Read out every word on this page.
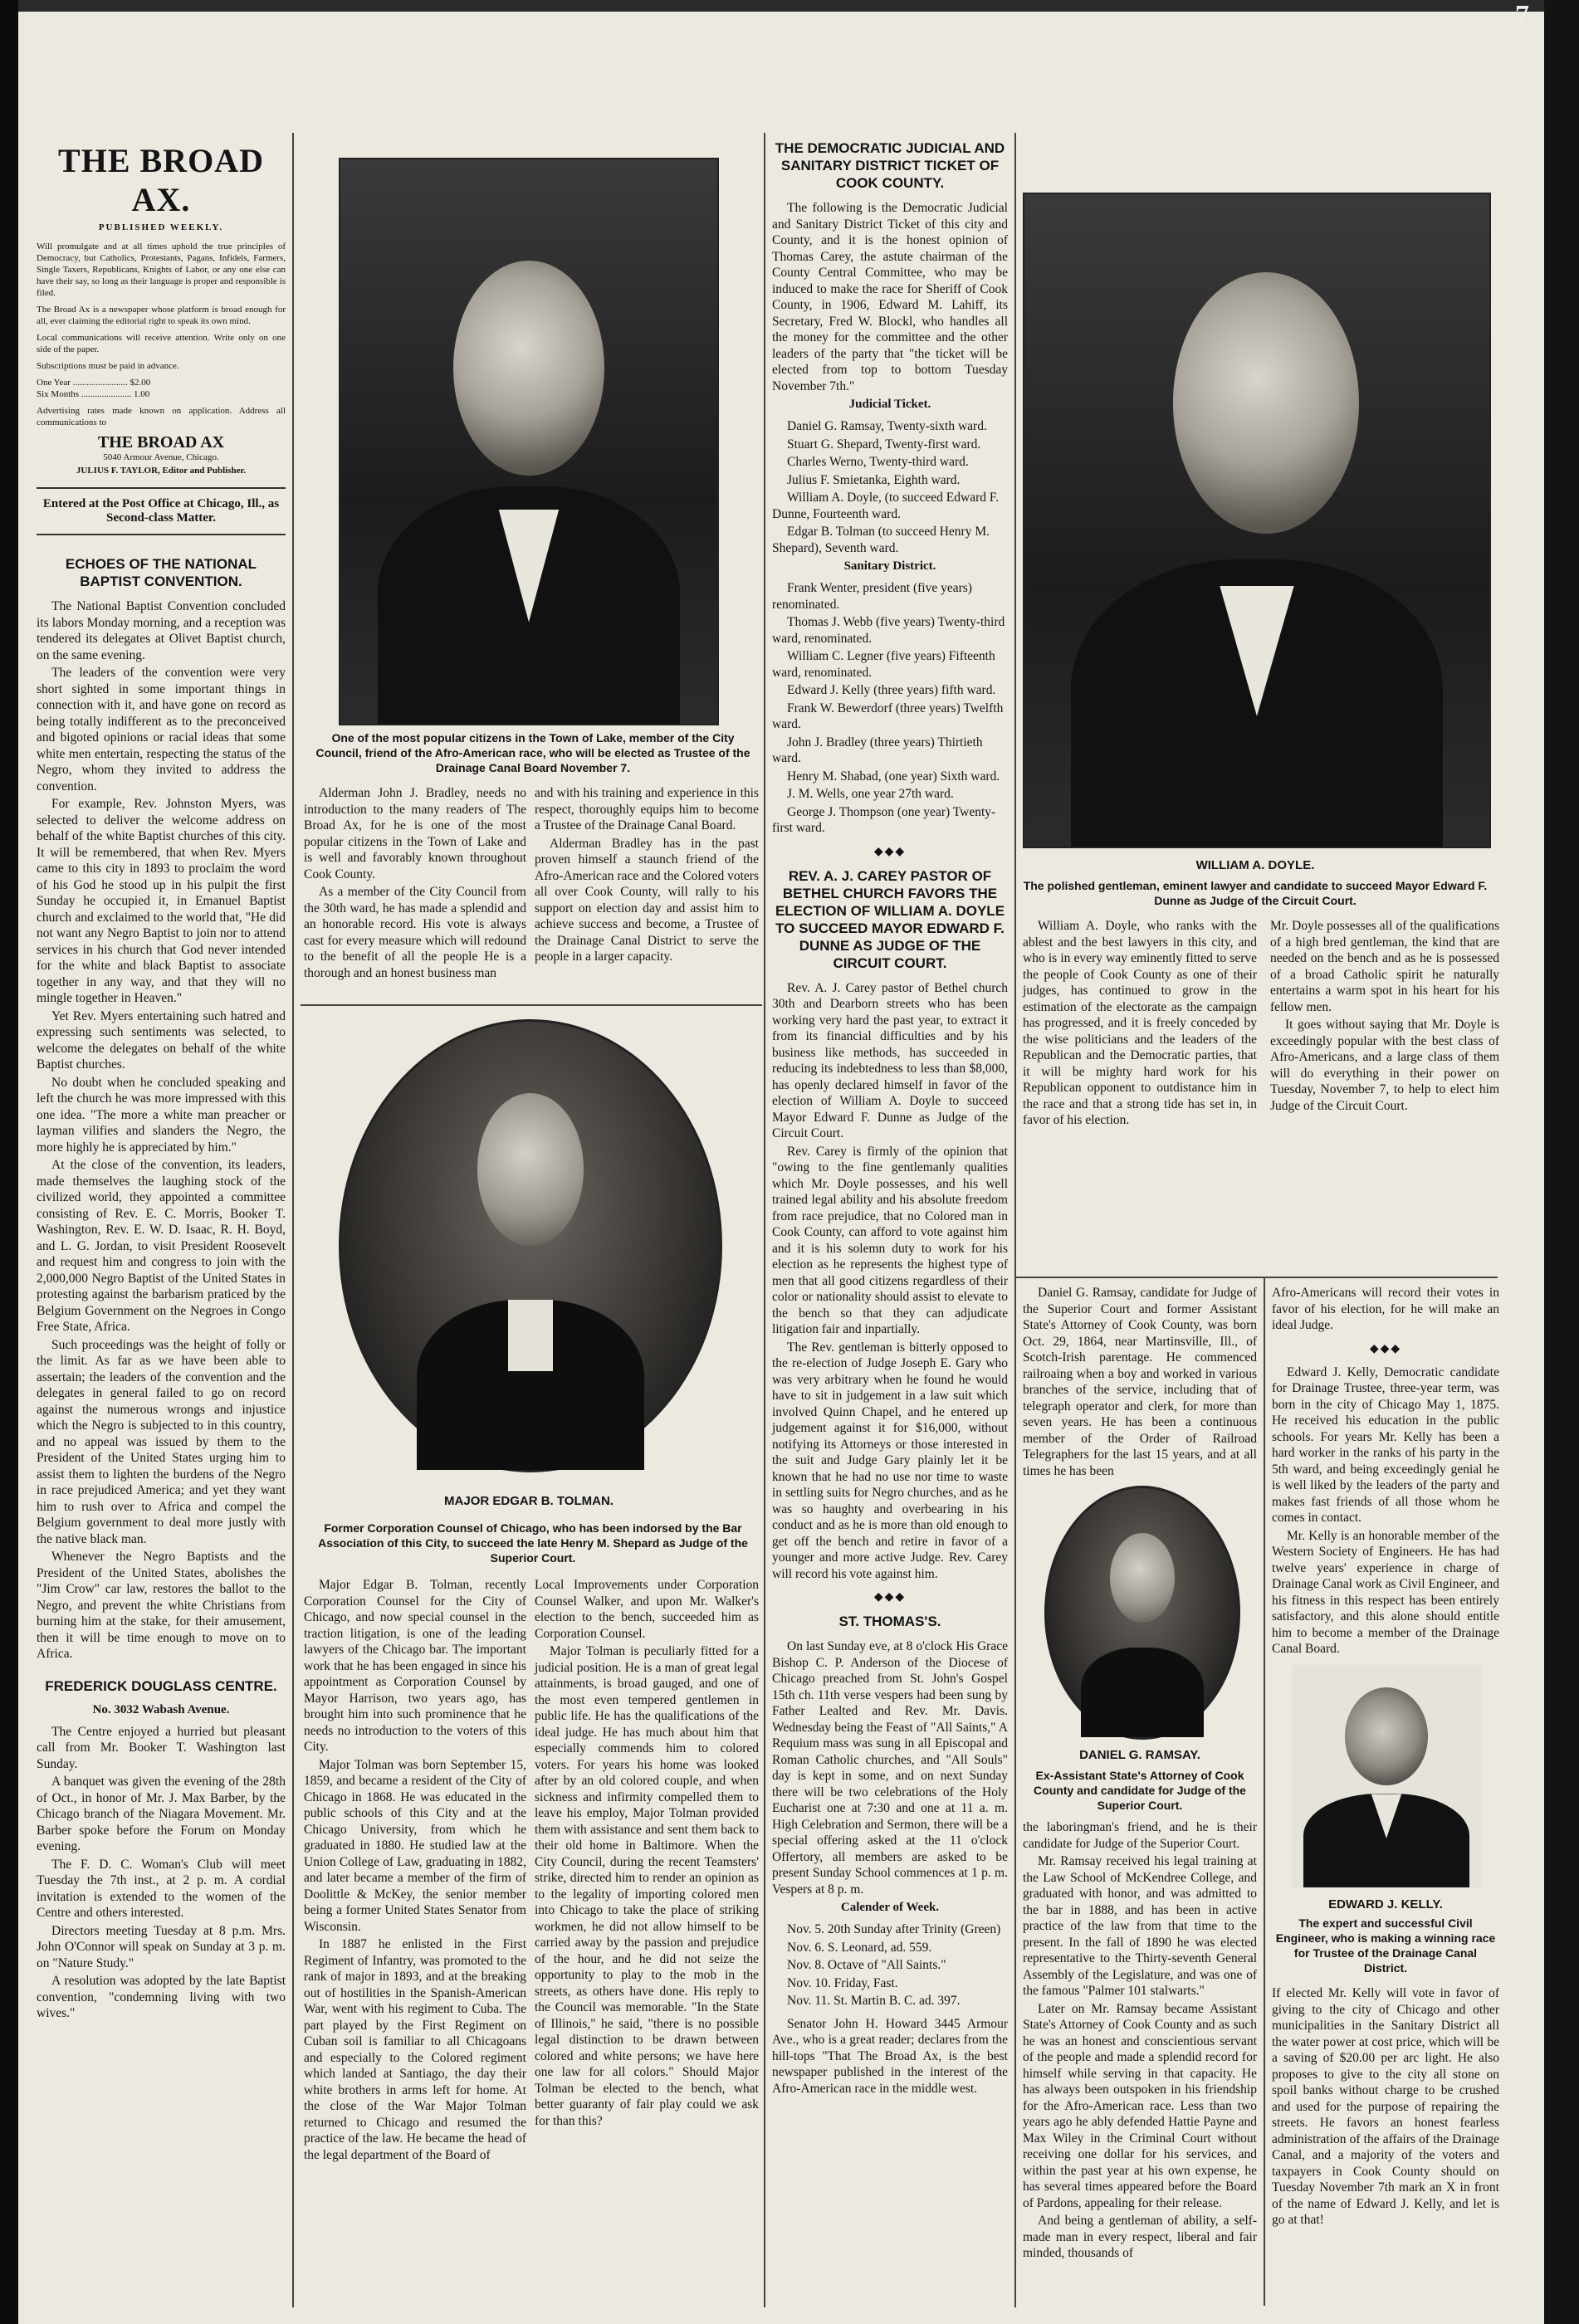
7
THE BROAD AX.
PUBLISHED WEEKLY.

Will promulgate and at all times uphold the true principles of Democracy, but Catholics, Protestants, Pagans, Infidels, Farmers, Single Taxers, Republicans, Knights of Labor, or any one else can have their say, so long as their language is proper and responsible is filed.

The Broad Ax is a newspaper whose platform is broad enough for all, ever claiming the editorial right to speak its own mind.

Local communications will receive attention. Write only on one side of the paper.

Subscriptions must be paid in advance.

One Year ........................ $2.00

Six Months ...................... 1.00

Advertising rates made known on application. Address all communications to

THE BROAD AX
5040 Armour Avenue, Chicago.
JULIUS F. TAYLOR, Editor and Publisher.
Entered at the Post Office at Chicago, Ill., as Second-class Matter.
ECHOES OF THE NATIONAL BAPTIST CONVENTION.

The National Baptist Convention concluded its labors Monday morning, and a reception was tendered its delegates at Olivet Baptist church, on the same evening.

The leaders of the convention were very short sighted in some important things in connection with it, and have gone on record as being totally indifferent as to the preconceived and bigoted opinions or racial ideas that some white men entertain, respecting the status of the Negro, whom they invited to address the convention.

For example, Rev. Johnston Myers, was selected to deliver the welcome address on behalf of the white Baptist churches of this city. It will be remembered, that when Rev. Myers came to this city in 1893 to proclaim the word of his God he stood up in his pulpit the first Sunday he occupied it, in Emanuel Baptist church and exclaimed to the world that, "He did not want any Negro Baptist to join nor to attend services in his church that God never intended for the white and black Baptist to associate together in any way, and that they will no mingle together in Heaven."

Yet Rev. Myers entertaining such hatred and expressing such sentiments was selected, to welcome the delegates on behalf of the white Baptist churches.

No doubt when he concluded speaking and left the church he was more impressed with this one idea. "The more a white man preacher or layman vilifies and slanders the Negro, the more highly he is appreciated by him."

At the close of the convention, its leaders, made themselves the laughing stock of the civilized world, they appointed a committee consisting of Rev. E. C. Morris, Booker T. Washington, Rev. E. W. D. Isaac, R. H. Boyd, and L. G. Jordan, to visit President Roosevelt and request him and congress to join with the 2,000,000 Negro Baptist of the United States in protesting against the barbarism praticed by the Belgium Government on the Negroes in Congo Free State, Africa.

Such proceedings was the height of folly or the limit. As far as we have been able to assertain; the leaders of the convention and the delegates in general failed to go on record against the numerous wrongs and injustice which the Negro is subjected to in this country, and no appeal was issued by them to the President of the United States urging him to assist them to lighten the burdens of the Negro in race prejudiced America; and yet they want him to rush over to Africa and compel the Belgium government to deal more justly with the native black man.

Whenever the Negro Baptists and the President of the United States, abolishes the "Jim Crow" car law, restores the ballot to the Negro, and prevent the white Christians from burning him at the stake, for their amusement, then it will be time enough to move on to Africa.

FREDERICK DOUGLASS CENTRE.
No. 3032 Wabash Avenue.

The Centre enjoyed a hurried but pleasant call from Mr. Booker T. Washington last Sunday.

A banquet was given the evening of the 28th of Oct., in honor of Mr. J. Max Barber, by the Chicago branch of the Niagara Movement. Mr. Barber spoke before the Forum on Monday evening.

The F. D. C. Woman's Club will meet Tuesday the 7th inst., at 2 p. m. A cordial invitation is extended to the women of the Centre and others interested.

Directors meeting Tuesday at 8 p.m. Mrs. John O'Connor will speak on Sunday at 3 p. m. on "Nature Study."

A resolution was adopted by the late Baptist convention, "condemning living with two wives."

JOHN J. BRADLEY.
One of the most popular citizens in the Town of Lake, member of the City Council, friend of the Afro-American race, who will be elected as Trustee of the Drainage Canal Board November 7.

Alderman John J. Bradley, needs no introduction to the many readers of The Broad Ax, for he is one of the most popular citizens in the Town of Lake and is well and favorably known throughout Cook County.

As a member of the City Council from the 30th ward, he has made a splendid and an honorable record. His vote is always cast for every measure which will redound to the benefit of all the people He is a thorough and an honest business man

and with his training and experience in this respect, thoroughly equips him to become a Trustee of the Drainage Canal Board.

Alderman Bradley has in the past proven himself a staunch friend of the Afro-American race and the Colored voters all over Cook County, will rally to his support on election day and assist him to achieve success and become, a Trustee of the Drainage Canal District to serve the people in a larger capacity.

MAJOR EDGAR B. TOLMAN.
Former Corporation Counsel of Chicago, who has been indorsed by the Bar Association of this City, to succeed the late Henry M. Shepard as Judge of the Superior Court.

Major Edgar B. Tolman, recently Corporation Counsel for the City of Chicago, and now special counsel in the traction litigation, is one of the leading lawyers of the Chicago bar. The important work that he has been engaged in since his appointment as Corporation Counsel by Mayor Harrison, two years ago, has brought him into such prominence that he needs no introduction to the voters of this City.

Major Tolman was born September 15, 1859, and became a resident of the City of Chicago in 1868. He was educated in the public schools of this City and at the Chicago University, from which he graduated in 1880. He studied law at the Union College of Law, graduating in 1882, and later became a member of the firm of Doolittle & McKey, the senior member being a former United States Senator from Wisconsin.

In 1887 he enlisted in the First Regiment of Infantry, was promoted to the rank of major in 1893, and at the breaking out of hostilities in the Spanish-American War, went with his regiment to Cuba. The part played by the First Regiment on Cuban soil is familiar to all Chicagoans and especially to the Colored regiment which landed at Santiago, the day their white brothers in arms left for home. At the close of the War Major Tolman returned to Chicago and resumed the practice of the law. He became the head of the legal department of the Board of

Local Improvements under Corporation Counsel Walker, and upon Mr. Walker's election to the bench, succeeded him as Corporation Counsel.

Major Tolman is peculiarly fitted for a judicial position. He is a man of great legal attainments, is broad gauged, and one of the most even tempered gentlemen in public life. He has the qualifications of the ideal judge. He has much about him that especially commends him to colored voters. For years his home was looked after by an old colored couple, and when sickness and infirmity compelled them to leave his employ, Major Tolman provided them with assistance and sent them back to their old home in Baltimore. When the City Council, during the recent Teamsters' strike, directed him to render an opinion as to the legality of importing colored men into Chicago to take the place of striking workmen, he did not allow himself to be carried away by the passion and prejudice of the hour, and he did not seize the opportunity to play to the mob in the streets, as others have done. His reply to the Council was memorable. "In the State of Illinois," he said, "there is no possible legal distinction to be drawn between colored and white persons; we have here one law for all colors." Should Major Tolman be elected to the bench, what better guaranty of fair play could we ask for than this?

THE DEMOCRATIC JUDICIAL AND SANITARY DISTRICT TICKET OF COOK COUNTY.

The following is the Democratic Judicial and Sanitary District Ticket of this city and County, and it is the honest opinion of Thomas Carey, the astute chairman of the County Central Committee, who may be induced to make the race for Sheriff of Cook County, in 1906, Edward M. Lahiff, its Secretary, Fred W. Blockl, who handles all the money for the committee and the other leaders of the party that "the ticket will be elected from top to bottom Tuesday November 7th."

Judicial Ticket.

Daniel G. Ramsay, Twenty-sixth ward.

Stuart G. Shepard, Twenty-first ward.

Charles Werno, Twenty-third ward.

Julius F. Smietanka, Eighth ward.

William A. Doyle, (to succeed Edward F. Dunne, Fourteenth ward.

Edgar B. Tolman (to succeed Henry M. Shepard), Seventh ward.

Sanitary District.

Frank Wenter, president (five years) renominated.

Thomas J. Webb (five years) Twenty-third ward, renominated.

William C. Legner (five years) Fifteenth ward, renominated.

Edward J. Kelly (three years) fifth ward.

Frank W. Bewerdorf (three years) Twelfth ward.

John J. Bradley (three years) Thirtieth ward.

Henry M. Shabad, (one year) Sixth ward.

J. M. Wells, one year 27th ward.

George J. Thompson (one year) Twenty-first ward.

◆◆◆
REV. A. J. CAREY PASTOR OF BETHEL CHURCH FAVORS THE ELECTION OF WILLIAM A. DOYLE TO SUCCEED MAYOR EDWARD F. DUNNE AS JUDGE OF THE CIRCUIT COURT.

Rev. A. J. Carey pastor of Bethel church 30th and Dearborn streets who has been working very hard the past year, to extract it from its financial difficulties and by his business like methods, has succeeded in reducing its indebtedness to less than $8,000, has openly declared himself in favor of the election of William A. Doyle to succeed Mayor Edward F. Dunne as Judge of the Circuit Court.

Rev. Carey is firmly of the opinion that "owing to the fine gentlemanly qualities which Mr. Doyle possesses, and his well trained legal ability and his absolute freedom from race prejudice, that no Colored man in Cook County, can afford to vote against him and it is his solemn duty to work for his election as he represents the highest type of men that all good citizens regardless of their color or nationality should assist to elevate to the bench so that they can adjudicate litigation fair and inpartially.

The Rev. gentleman is bitterly opposed to the re-election of Judge Joseph E. Gary who was very arbitrary when he found he would have to sit in judgement in a law suit which involved Quinn Chapel, and he entered up judgement against it for $16,000, without notifying its Attorneys or those interested in the suit and Judge Gary plainly let it be known that he had no use nor time to waste in settling suits for Negro churches, and as he was so haughty and overbearing in his conduct and as he is more than old enough to get off the bench and retire in favor of a younger and more active Judge. Rev. Carey will record his vote against him.

◆◆◆
ST. THOMAS'S.

On last Sunday eve, at 8 o'clock His Grace Bishop C. P. Anderson of the Diocese of Chicago preached from St. John's Gospel 15th ch. 11th verse vespers had been sung by Father Lealted and Rev. Mr. Davis. Wednesday being the Feast of "All Saints," A Requium mass was sung in all Episcopal and Roman Catholic churches, and "All Souls" day is kept in some, and on next Sunday there will be two celebrations of the Holy Eucharist one at 7:30 and one at 11 a. m. High Celebration and Sermon, there will be a special offering asked at the 11 o'clock Offertory, all members are asked to be present Sunday School commences at 1 p. m. Vespers at 8 p. m.

Calender of Week.

Nov. 5. 20th Sunday after Trinity (Green)

Nov. 6. S. Leonard, ad. 559.

Nov. 8. Octave of "All Saints."

Nov. 10. Friday, Fast.

Nov. 11. St. Martin B. C. ad. 397.

Senator John H. Howard 3445 Armour Ave., who is a great reader; declares from the hill-tops "That The Broad Ax, is the best newspaper published in the interest of the Afro-American race in the middle west.

WILLIAM A. DOYLE.
The polished gentleman, eminent lawyer and candidate to succeed Mayor Edward F. Dunne as Judge of the Circuit Court.

William A. Doyle, who ranks with the ablest and the best lawyers in this city, and who is in every way eminently fitted to serve the people of Cook County as one of their judges, has continued to grow in the estimation of the electorate as the campaign has progressed, and it is freely conceded by the wise politicians and the leaders of the Republican and the Democratic parties, that it will be mighty hard work for his Republican opponent to outdistance him in the race and that a strong tide has set in, in favor of his election.

Mr. Doyle possesses all of the qualifications of a high bred gentleman, the kind that are needed on the bench and as he is possessed of a broad Catholic spirit he naturally entertains a warm spot in his heart for his fellow men.

It goes without saying that Mr. Doyle is exceedingly popular with the best class of Afro-Americans, and a large class of them will do everything in their power on Tuesday, November 7, to help to elect him Judge of the Circuit Court.

Daniel G. Ramsay, candidate for Judge of the Superior Court and former Assistant State's Attorney of Cook County, was born Oct. 29, 1864, near Martinsville, Ill., of Scotch-Irish parentage. He commenced railroaing when a boy and worked in various branches of the service, including that of telegraph operator and clerk, for more than seven years. He has been a continuous member of the Order of Railroad Telegraphers for the last 15 years, and at all times he has been

DANIEL G. RAMSAY.
Ex-Assistant State's Attorney of Cook County and candidate for Judge of the Superior Court.

the laboringman's friend, and he is their candidate for Judge of the Superior Court.

Mr. Ramsay received his legal training at the Law School of McKendree College, and graduated with honor, and was admitted to the bar in 1888, and has been in active practice of the law from that time to the present. In the fall of 1890 he was elected representative to the Thirty-seventh General Assembly of the Legislature, and was one of the famous "Palmer 101 stalwarts."

Later on Mr. Ramsay became Assistant State's Attorney of Cook County and as such he was an honest and conscientious servant of the people and made a splendid record for himself while serving in that capacity. He has always been outspoken in his friendship for the Afro-American race. Less than two years ago he ably defended Hattie Payne and Max Wiley in the Criminal Court without receiving one dollar for his services, and within the past year at his own expense, he has several times appeared before the Board of Pardons, appealing for their release.

And being a gentleman of ability, a self-made man in every respect, liberal and fair minded, thousands of

Afro-Americans will record their votes in favor of his election, for he will make an ideal Judge.

◆◆◆

Edward J. Kelly, Democratic candidate for Drainage Trustee, three-year term, was born in the city of Chicago May 1, 1875. He received his education in the public schools. For years Mr. Kelly has been a hard worker in the ranks of his party in the 5th ward, and being exceedingly genial he is well liked by the leaders of the party and makes fast friends of all those whom he comes in contact.

Mr. Kelly is an honorable member of the Western Society of Engineers. He has had twelve years' experience in charge of Drainage Canal work as Civil Engineer, and his fitness in this respect has been entirely satisfactory, and this alone should entitle him to become a member of the Drainage Canal Board.

EDWARD J. KELLY.
The expert and successful Civil Engineer, who is making a winning race for Trustee of the Drainage Canal District.

If elected Mr. Kelly will vote in favor of giving to the city of Chicago and other municipalities in the Sanitary District all the water power at cost price, which will be a saving of $20.00 per arc light. He also proposes to give to the city all stone on spoil banks without charge to be crushed and used for the purpose of repairing the streets. He favors an honest fearless administration of the affairs of the Drainage Canal, and a majority of the voters and taxpayers in Cook County should on Tuesday November 7th mark an X in front of the name of Edward J. Kelly, and let is go at that!
